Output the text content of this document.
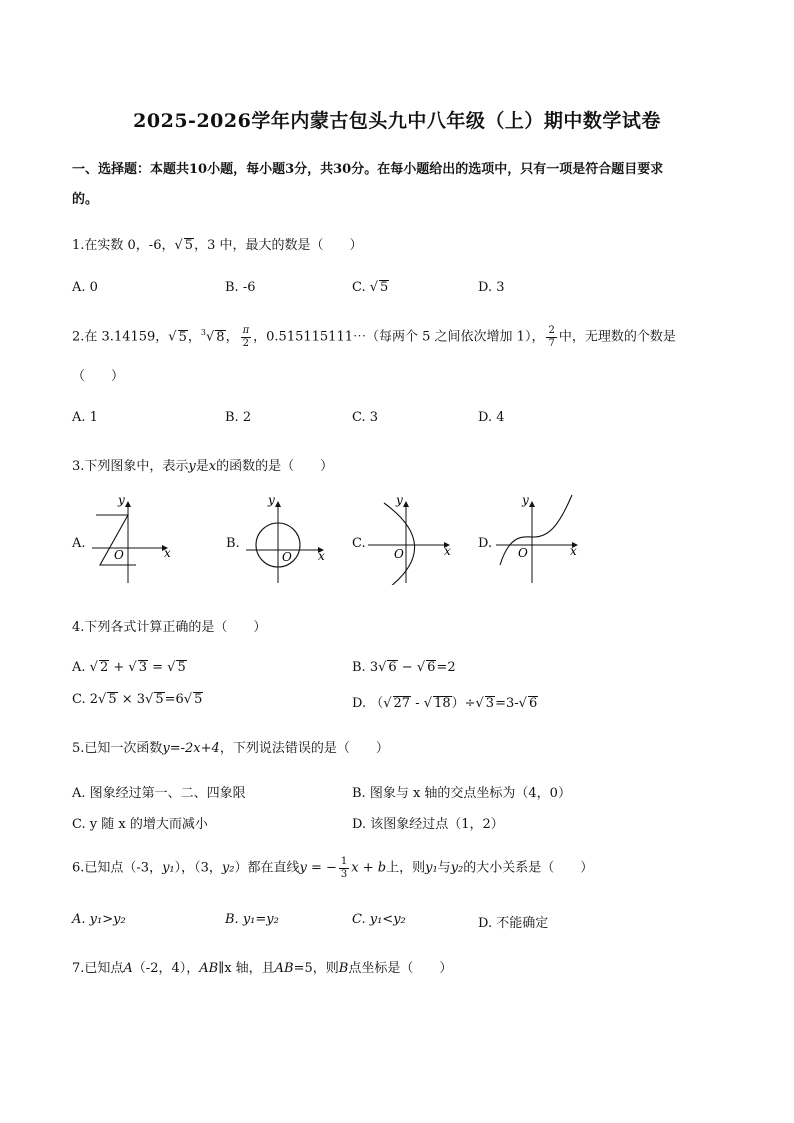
2025-2026学年内蒙古包头九中八年级（上）期中数学试卷
一、选择题：本题共10小题，每小题3分，共30分。在每小题给出的选项中，只有一项是符合题目要求
的。
1.在实数 0，-6，√ 5，3 中，最大的数是（　　）
A. 0	B. -6	C. √ 5	D. 3
2.在 3.14159，√ 5，$^3$√ 8， $\frac{\pi}{2}$ ，0.515115111⋯（每两个 5 之间依次增加 1）， $\frac{2}{7}$ 中，无理数的个数是
（　　）
A. 1	B. 2	C. 3	D. 4
3.下列图象中，表示y是x的函数的是（　　）
A.
y
x
O
B.
y
x
O
C.
y
x
O
D.
y
x
O
4.下列各式计算正确的是（　　）
A. √ 2 + √ 3 = √ 5	B. 3√ 6 − √ 6=2
C. 2√ 5 × 3√ 5=6√ 5	D. （√ 27 - √ 18）÷√ 3=3-√ 6
5.已知一次函数y=-2x+4，下列说法错误的是（　　）
A. 图象经过第一、二、四象限	B. 图象与 x 轴的交点坐标为（4，0）
C. y 随 x 的增大而减小	D. 该图象经过点（1，2）
6.已知点（-3，y₁），（3，y₂）都在直线y = − $\frac{1}{3}$ x + b上，则y₁与y₂的大小关系是（　　）
A. y₁>y₂	B. y₁=y₂	C. y₁<y₂	D. 不能确定
7.已知点A（-2，4），AB∥x 轴，且AB=5，则B点坐标是（　　）
